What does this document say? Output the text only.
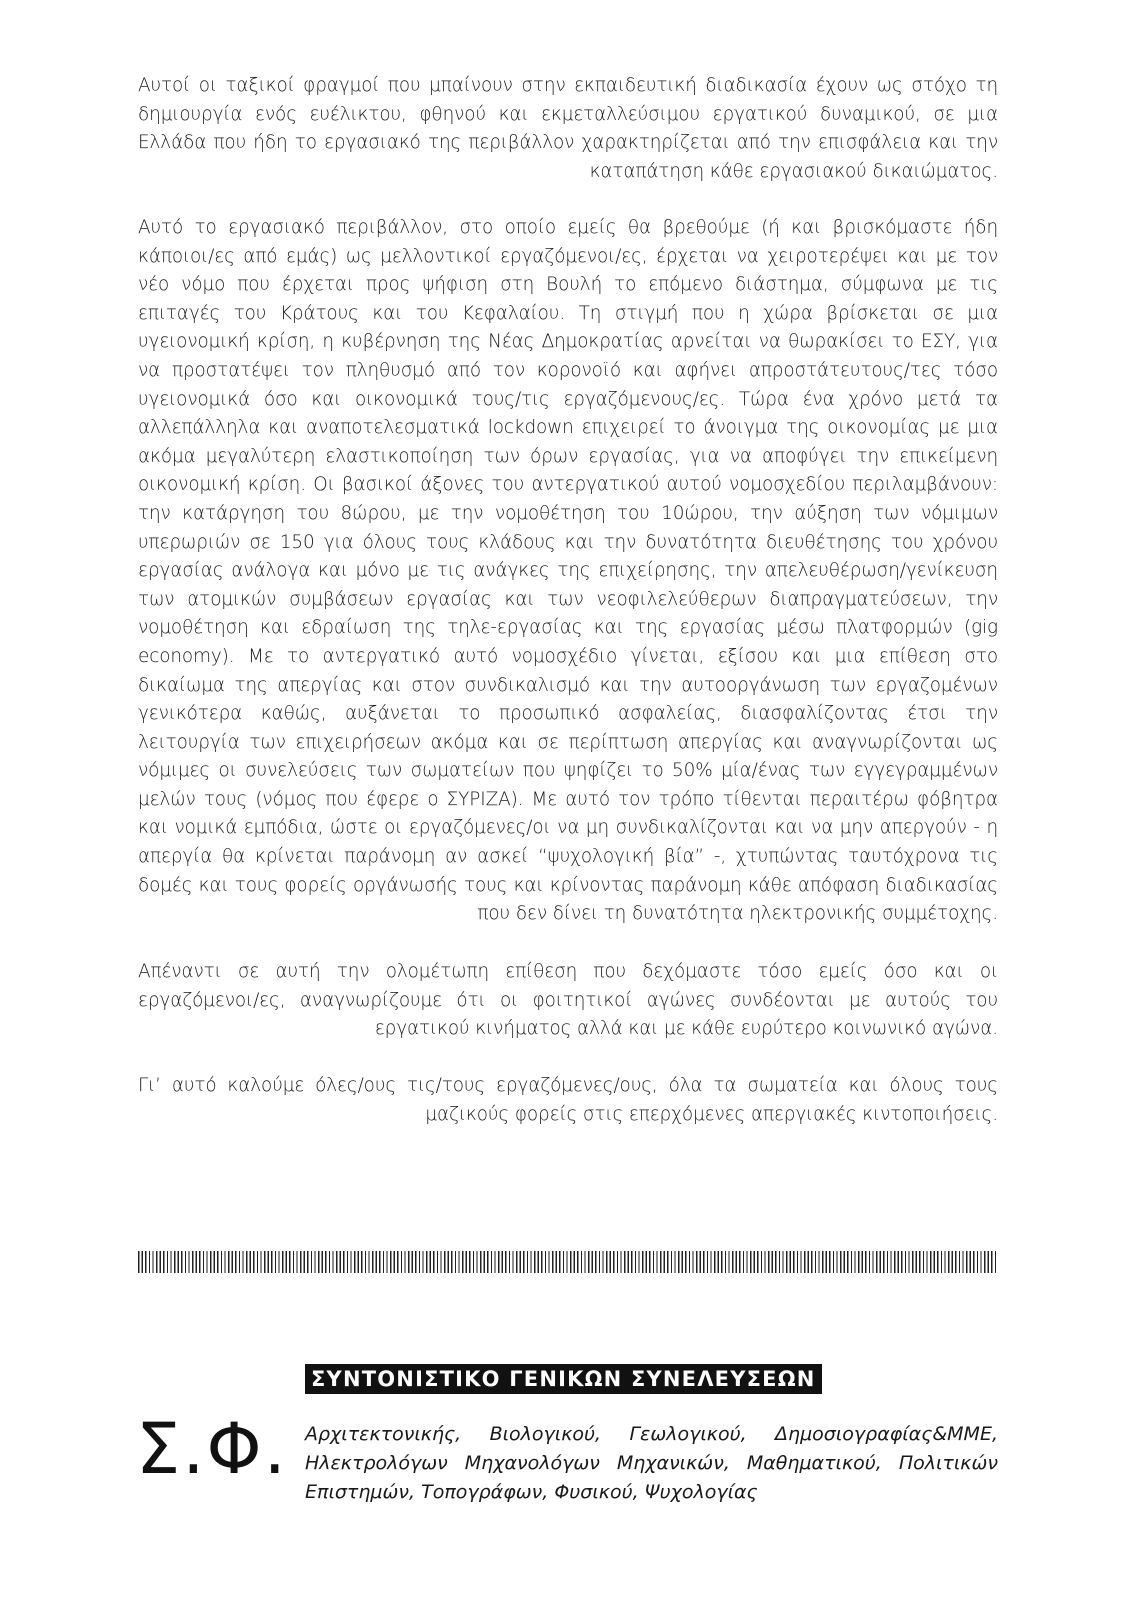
Αυτοί οι ταξικοί φραγμοί που μπαίνουν στην εκπαιδευτική διαδικασία έχουν ως στόχο τη δημιουργία ενός ευέλικτου, φθηνού και εκμεταλλεύσιμου εργατικού δυναμικού, σε μια Ελλάδα που ήδη το εργασιακό της περιβάλλον χαρακτηρίζεται από την επισφάλεια και την καταπάτηση κάθε εργασιακού δικαιώματος.

Αυτό το εργασιακό περιβάλλον, στο οποίο εμείς θα βρεθούμε (ή και βρισκόμαστε ήδη κάποιοι/ες από εμάς) ως μελλοντικοί εργαζόμενοι/ες, έρχεται να χειροτερέψει και με τον νέο νόμο που έρχεται προς ψήφιση στη Βουλή το επόμενο διάστημα, σύμφωνα με τις επιταγές του Κράτους και του Κεφαλαίου. Τη στιγμή που η χώρα βρίσκεται σε μια υγειονομική κρίση, η κυβέρνηση της Νέας Δημοκρατίας αρνείται να θωρακίσει το ΕΣΥ, για να προστατέψει τον πληθυσμό από τον κορονοϊό και αφήνει απροστάτευτους/τες τόσο υγειονομικά όσο και οικονομικά τους/τις εργαζόμενους/ες. Τώρα ένα χρόνο μετά τα αλλεπάλληλα και αναποτελεσματικά lockdown επιχειρεί το άνοιγμα της οικονομίας με μια ακόμα μεγαλύτερη ελαστικοποίηση των όρων εργασίας, για να αποφύγει την επικείμενη οικονομική κρίση. Οι βασικοί άξονες του αντεργατικού αυτού νομοσχεδίου περιλαμβάνουν: την κατάργηση του 8ώρου, με την νομοθέτηση του 10ώρου, την αύξηση των νόμιμων υπερωριών σε 150 για όλους τους κλάδους και την δυνατότητα διευθέτησης του χρόνου εργασίας ανάλογα και μόνο με τις ανάγκες της επιχείρησης, την απελευθέρωση/γενίκευση των ατομικών συμβάσεων εργασίας και των νεοφιλελεύθερων διαπραγματεύσεων, την νομοθέτηση και εδραίωση της τηλε-εργασίας και της εργασίας μέσω πλατφορμών (gig economy). Με το αντεργατικό αυτό νομοσχέδιο γίνεται, εξίσου και μια επίθεση στο δικαίωμα της απεργίας και στον συνδικαλισμό και την αυτοοργάνωση των εργαζομένων γενικότερα καθώς, αυξάνεται το προσωπικό ασφαλείας, διασφαλίζοντας έτσι την λειτουργία των επιχειρήσεων ακόμα και σε περίπτωση απεργίας και αναγνωρίζονται ως νόμιμες οι συνελεύσεις των σωματείων που ψηφίζει το 50% μία/ένας των εγγεγραμμένων μελών τους (νόμος που έφερε ο ΣΥΡΙΖΑ). Με αυτό τον τρόπο τίθενται περαιτέρω φόβητρα και νομικά εμπόδια, ώστε οι εργαζόμενες/οι να μη συνδικαλίζονται και να μην απεργούν - η απεργία θα κρίνεται παράνομη αν ασκεί “ψυχολογική βία” -, χτυπώντας ταυτόχρονα τις δομές και τους φορείς οργάνωσής τους και κρίνοντας παράνομη κάθε απόφαση διαδικασίας που δεν δίνει τη δυνατότητα ηλεκτρονικής συμμέτοχης.

Απέναντι σε αυτή την ολομέτωπη επίθεση που δεχόμαστε τόσο εμείς όσο και οι εργαζόμενοι/ες, αναγνωρίζουμε ότι οι φοιτητικοί αγώνες συνδέονται με αυτούς του εργατικού κινήματος αλλά και με κάθε ευρύτερο κοινωνικό αγώνα.

Γι’ αυτό καλούμε όλες/ους τις/τους εργαζόμενες/ους, όλα τα σωματεία και όλους τους μαζικούς φορείς στις επερχόμενες απεργιακές κιντοποιήσεις.

ΣΥΝΤΟΝΙΣΤΙΚΟ ΓΕΝΙΚΩΝ ΣΥΝΕΛΕΥΣΕΩΝ
Σ.Φ. Αρχιτεκτονικής, Βιολογικού, Γεωλογικού, Δημοσιογραφίας&ΜΜΕ, Ηλεκτρολόγων Μηχανολόγων Μηχανικών, Μαθηματικού, Πολιτικών Επιστημών, Τοπογράφων, Φυσικού, Ψυχολογίας
